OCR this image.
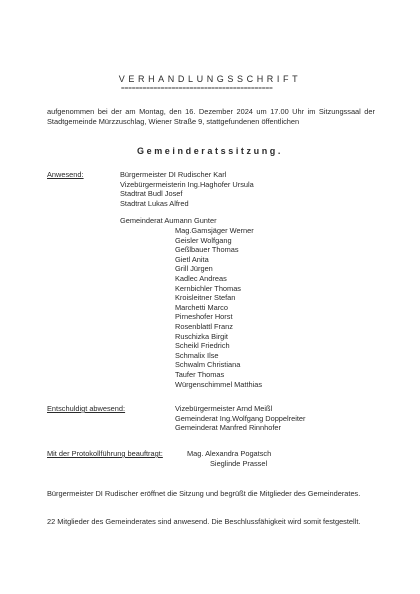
VERHANDLUNGSSCHRIFT
==========================================

aufgenommen bei der am Montag, den 16. Dezember 2024 um 17.00 Uhr im Sitzungssaal der Stadtgemeinde Mürzzuschlag, Wiener Straße 9, stattgefundenen öffentlichen

Gemeinderatssitzung.
Anwesend:	Bürgermeister DI Rudischer Karl
Vizebürgermeisterin Ing.Haghofer Ursula
Stadtrat Budl Josef
Stadtrat Lukas Alfred
Gemeinderat Aumann Gunter
Mag.Gamsjäger Werner
Geisler Wolfgang
Geßlbauer Thomas
Gietl Anita
Grill Jürgen
Kadlec Andreas
Kernbichler Thomas
Kroisleitner Stefan
Marchetti Marco
Pirneshofer Horst
Rosenblattl Franz
Ruschizka Birgit
Scheikl Friedrich
Schmalix Ilse
Schwalm Christiana
Taufer Thomas
Würgenschimmel Matthias
Entschuldigt abwesend:	Vizebürgermeister Arnd Meißl
Gemeinderat Ing.Wolfgang Doppelreiter
Gemeinderat Manfred Rinnhofer
Mit der Protokollführung beauftragt:	Mag. Alexandra Pogatsch
Sieglinde Prassel

Bürgermeister DI Rudischer eröffnet die Sitzung und begrüßt die Mitglieder des Gemeinderates.

22 Mitglieder des Gemeinderates sind anwesend. Die Beschlussfähigkeit wird somit festgestellt.
